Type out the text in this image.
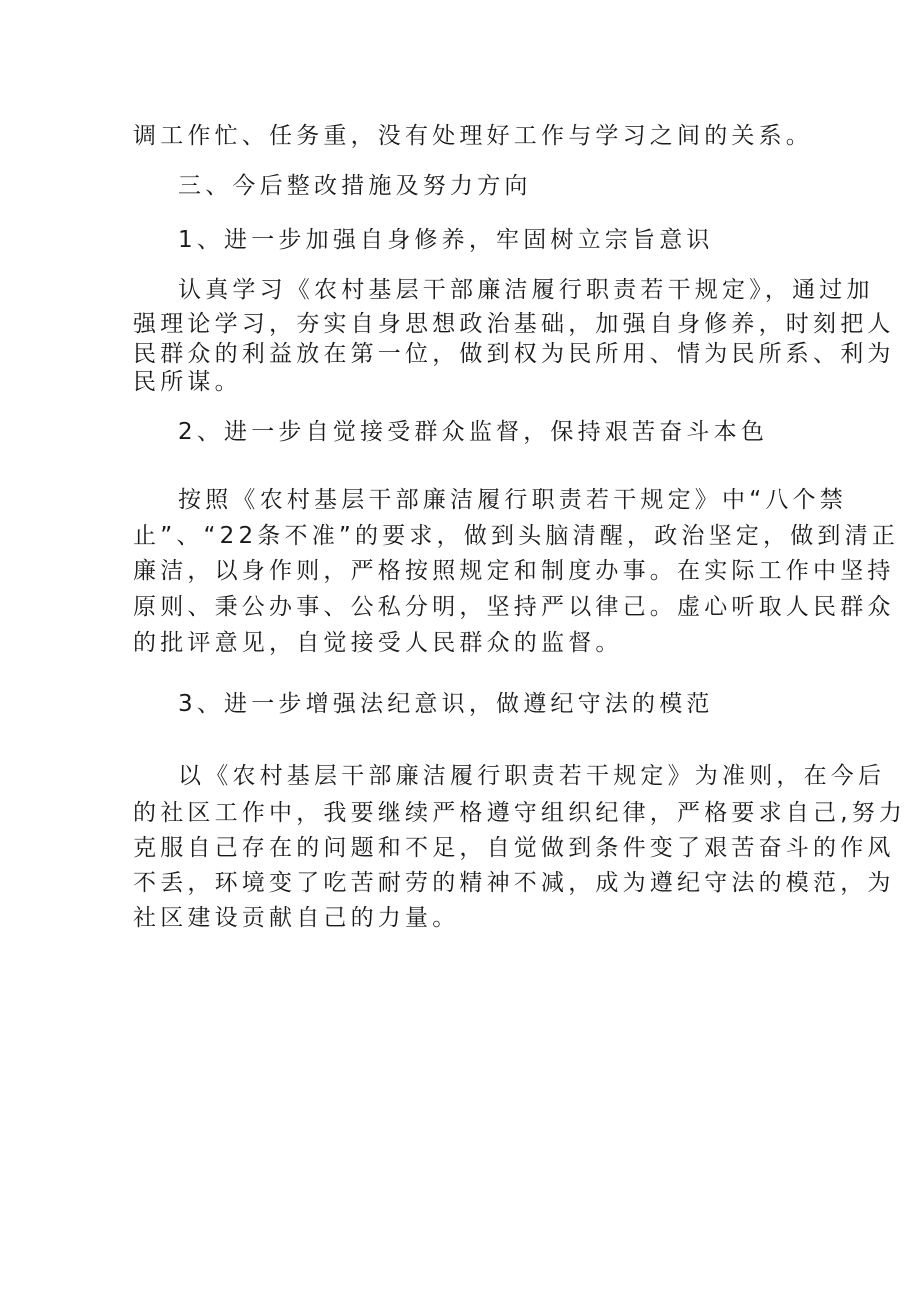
调工作忙、任务重，没有处理好工作与学习之间的关系。
三、今后整改措施及努力方向
1、进一步加强自身修养，牢固树立宗旨意识
认真学习《农村基层干部廉洁履行职责若干规定》，通过加
强理论学习，夯实自身思想政治基础，加强自身修养，时刻把人
民群众的利益放在第一位，做到权为民所用、情为民所系、利为
民所谋。
2、进一步自觉接受群众监督，保持艰苦奋斗本色
按照《农村基层干部廉洁履行职责若干规定》中“八个禁
止”、“22条不准”的要求，做到头脑清醒，政治坚定，做到清正
廉洁，以身作则，严格按照规定和制度办事。在实际工作中坚持
原则、秉公办事、公私分明，坚持严以律己。虚心听取人民群众
的批评意见，自觉接受人民群众的监督。
3、进一步增强法纪意识，做遵纪守法的模范
以《农村基层干部廉洁履行职责若干规定》为准则，在今后
的社区工作中，我要继续严格遵守组织纪律，严格要求自己,努力
克服自己存在的问题和不足，自觉做到条件变了艰苦奋斗的作风
不丢，环境变了吃苦耐劳的精神不减，成为遵纪守法的模范，为
社区建设贡献自己的力量。
